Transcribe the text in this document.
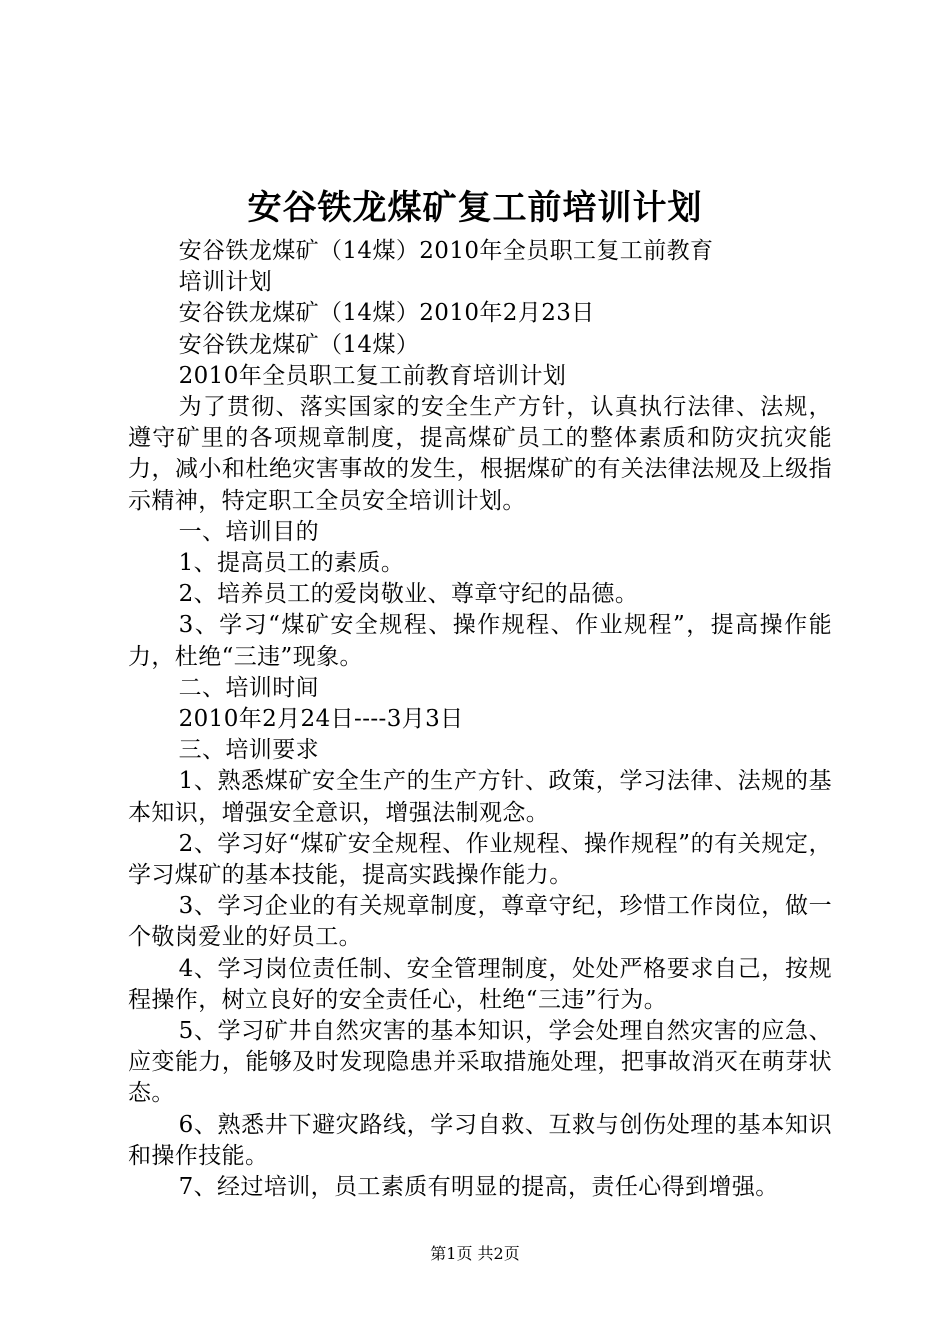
安谷铁龙煤矿复工前培训计划

安谷铁龙煤矿（14煤）2010年全员职工复工前教育

培训计划

安谷铁龙煤矿（14煤）2010年2月23日

安谷铁龙煤矿（14煤）

2010年全员职工复工前教育培训计划

为了贯彻、落实国家的安全生产方针，认真执行法律、法规，遵守矿里的各项规章制度，提高煤矿员工的整体素质和防灾抗灾能力，减小和杜绝灾害事故的发生，根据煤矿的有关法律法规及上级指示精神，特定职工全员安全培训计划。

一、培训目的

1、提高员工的素质。

2、培养员工的爱岗敬业、尊章守纪的品德。

3、学习“煤矿安全规程、操作规程、作业规程”，提高操作能力，杜绝“三违”现象。

二、培训时间

2010年2月24日----3月3日

三、培训要求

1、熟悉煤矿安全生产的生产方针、政策，学习法律、法规的基本知识，增强安全意识，增强法制观念。

2、学习好“煤矿安全规程、作业规程、操作规程”的有关规定，学习煤矿的基本技能，提高实践操作能力。

3、学习企业的有关规章制度，尊章守纪，珍惜工作岗位，做一个敬岗爱业的好员工。

4、学习岗位责任制、安全管理制度，处处严格要求自己，按规程操作，树立良好的安全责任心，杜绝“三违”行为。

5、学习矿井自然灾害的基本知识，学会处理自然灾害的应急、应变能力，能够及时发现隐患并采取措施处理，把事故消灭在萌芽状态。

6、熟悉井下避灾路线，学习自救、互救与创伤处理的基本知识和操作技能。

7、经过培训，员工素质有明显的提高，责任心得到增强。

第1页 共2页
